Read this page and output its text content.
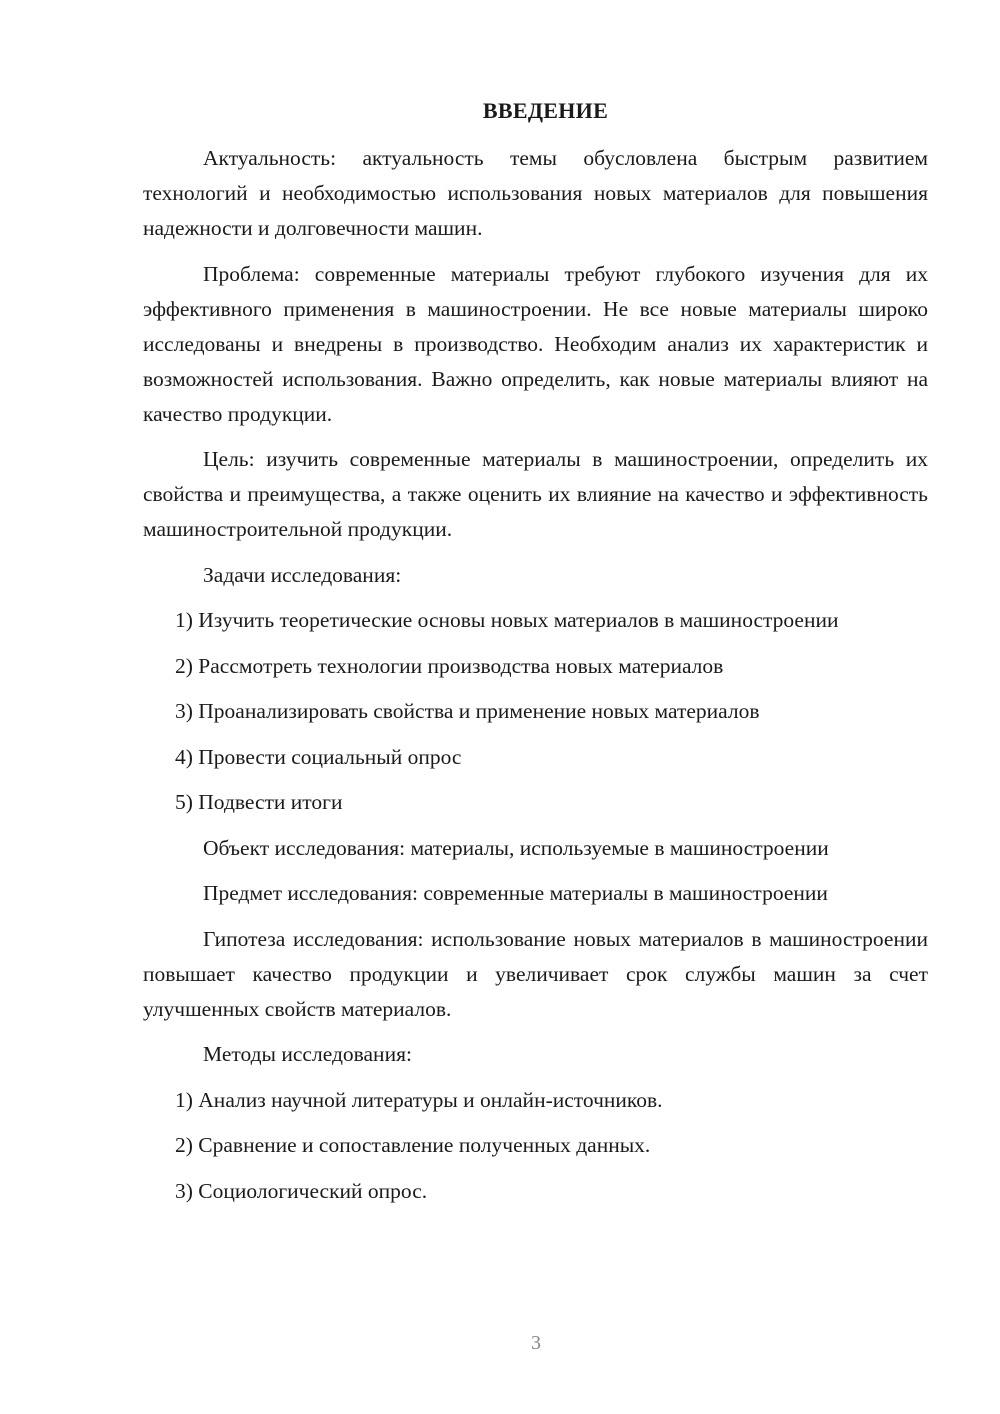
ВВЕДЕНИЕ
Актуальность: актуальность темы обусловлена быстрым развитием технологий и необходимостью использования новых материалов для повышения надежности и долговечности машин.
Проблема: современные материалы требуют глубокого изучения для их эффективного применения в машиностроении. Не все новые материалы широко исследованы и внедрены в производство. Необходим анализ их характеристик и возможностей использования. Важно определить, как новые материалы влияют на качество продукции.
Цель: изучить современные материалы в машиностроении, определить их свойства и преимущества, а также оценить их влияние на качество и эффективность машиностроительной продукции.
Задачи исследования:
1) Изучить теоретические основы новых материалов в машиностроении
2) Рассмотреть технологии производства новых материалов
3) Проанализировать свойства и применение новых материалов
4) Провести социальный опрос
5) Подвести итоги
Объект исследования: материалы, используемые в машиностроении
Предмет исследования: современные материалы в машиностроении
Гипотеза исследования: использование новых материалов в машиностроении повышает качество продукции и увеличивает срок службы машин за счет улучшенных свойств материалов.
Методы исследования:
1) Анализ научной литературы и онлайн-источников.
2) Сравнение и сопоставление полученных данных.
3) Социологический опрос.
3
